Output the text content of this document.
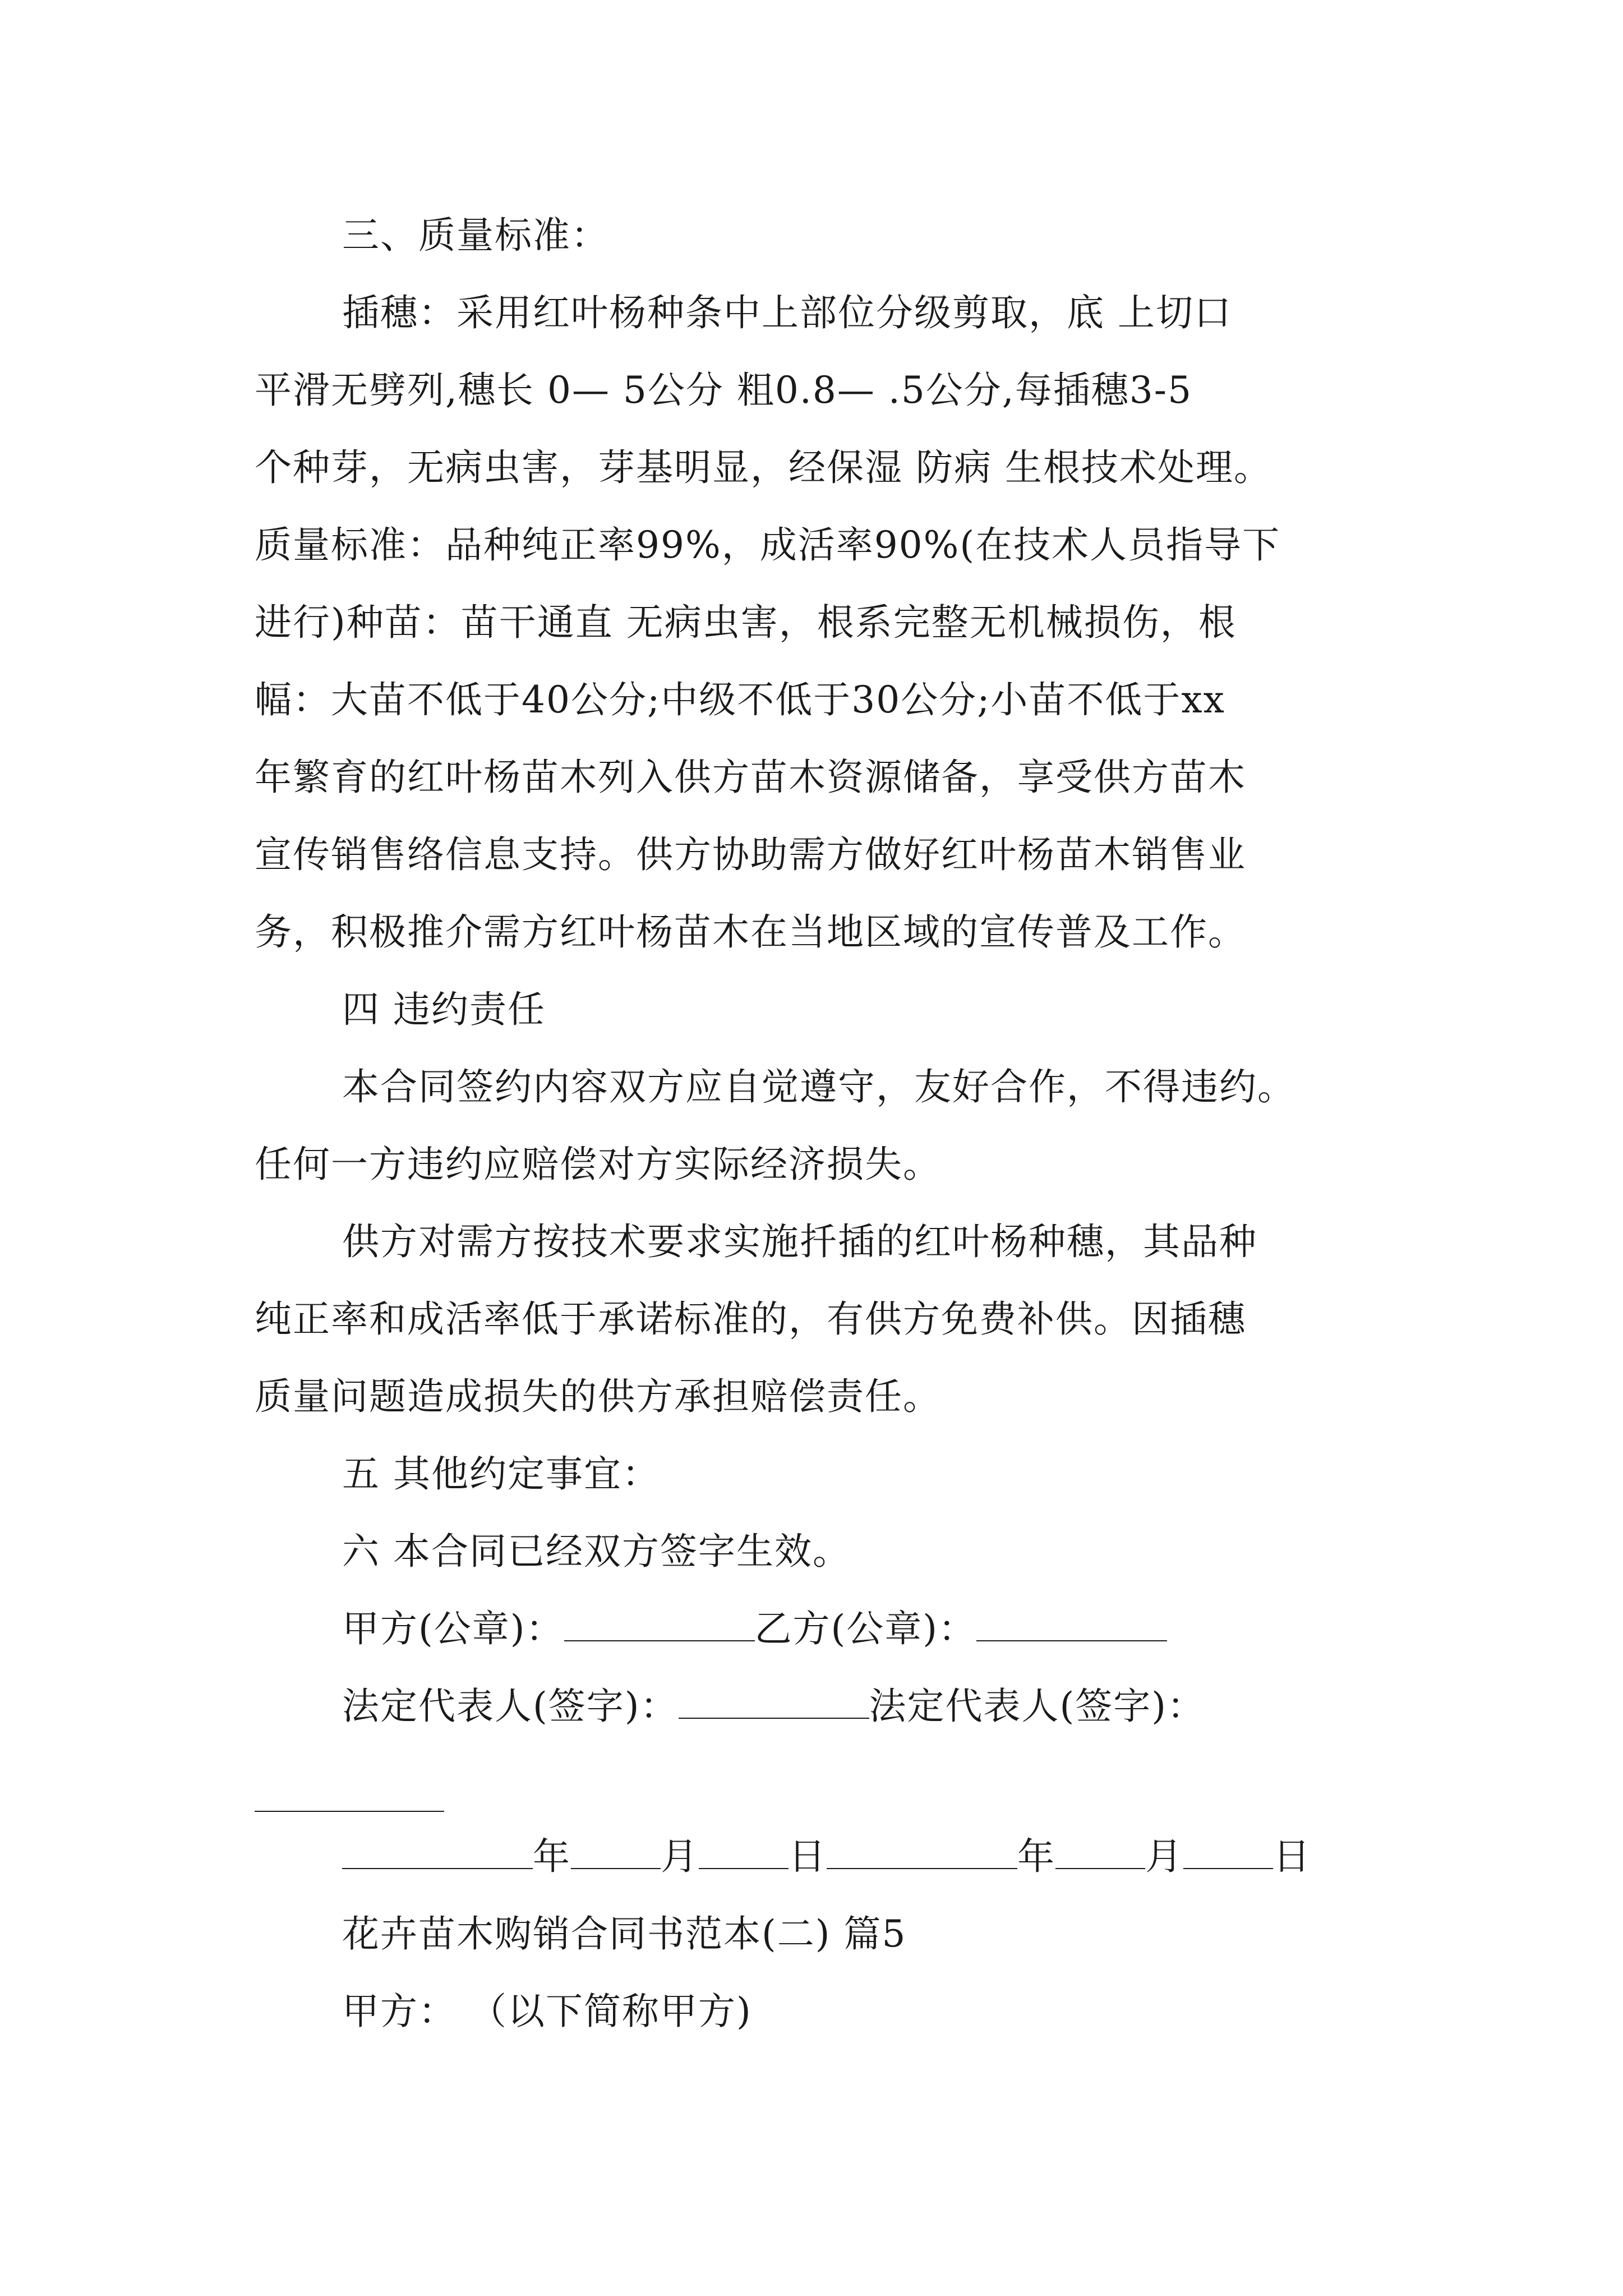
三、质量标准：
插穗：采用红叶杨种条中上部位分级剪取，底 上切口
平滑无劈列,穗长 0— 5公分 粗0.8— .5公分,每插穗3-5
个种芽，无病虫害，芽基明显，经保湿 防病 生根技术处理。
质量标准：品种纯正率99%，成活率90%(在技术人员指导下
进行)种苗：苗干通直 无病虫害，根系完整无机械损伤，根
幅：大苗不低于40公分;中级不低于30公分;小苗不低于xx
年繁育的红叶杨苗木列入供方苗木资源储备，享受供方苗木
宣传销售络信息支持。供方协助需方做好红叶杨苗木销售业
务，积极推介需方红叶杨苗木在当地区域的宣传普及工作。
四 违约责任
本合同签约内容双方应自觉遵守，友好合作，不得违约。
任何一方违约应赔偿对方实际经济损失。
供方对需方按技术要求实施扦插的红叶杨种穗，其品种
纯正率和成活率低于承诺标准的，有供方免费补供。因插穗
质量问题造成损失的供方承担赔偿责任。
五 其他约定事宜：
六 本合同已经双方签字生效。
甲方(公章)：	乙方(公章)：
法定代表人(签字)：	法定代表人(签字)：
年 月 日	年 月 日
花卉苗木购销合同书范本(二) 篇5
甲方： （以下简称甲方)
